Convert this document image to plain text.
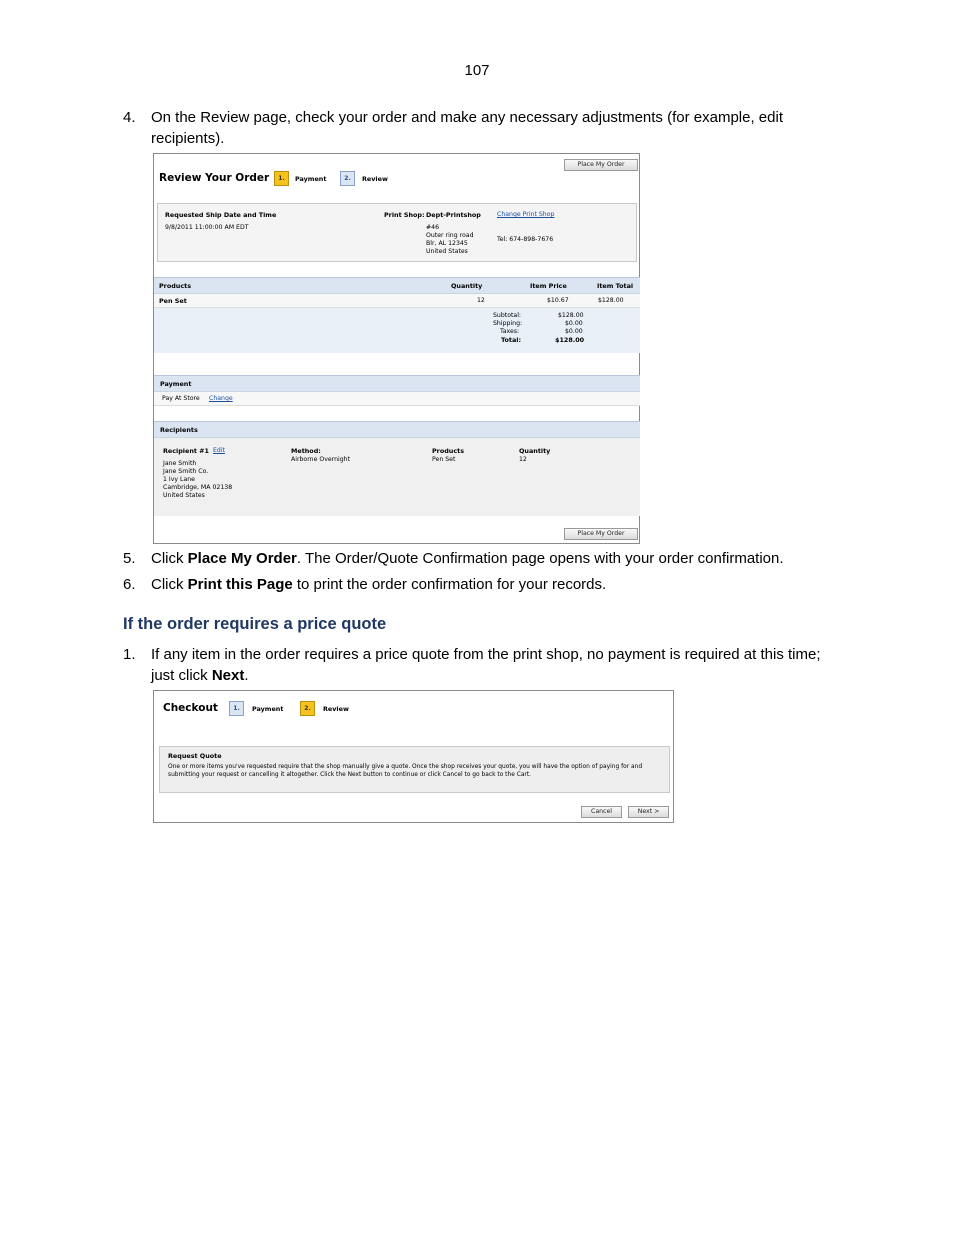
107
4. On the Review page, check your order and make any necessary adjustments (for example, edit recipients).
Place My Order
Review Your Order	1.	Payment	2.	Review
Requested Ship Date and Time
9/8/2011 11:00:00 AM EDT
Print Shop: Dept-Printshop	Change Print Shop
#46
Outer ring road
Blr, AL 12345
United States
Tel: 674-898-7676
Products	Quantity	Item Price	Item Total
Pen Set	12	$10.67	$128.00
Subtotal:	$128.00
Shipping:	$0.00
Taxes:	$0.00
Total:	$128.00
Payment
Pay At Store Change
Recipients
Recipient #1 Edit
Jane Smith
Jane Smith Co.
1 Ivy Lane
Cambridge, MA 02138
United States
Method:
Airborne Overnight
Products
Pen Set
Quantity
12
Place My Order
5. Click Place My Order. The Order/Quote Confirmation page opens with your order confirmation.
6. Click Print this Page to print the order confirmation for your records.
If the order requires a price quote
1. If any item in the order requires a price quote from the print shop, no payment is required at this time; just click Next.
Checkout	1.	Payment	2.	Review
Request Quote
One or more items you've requested require that the shop manually give a quote. Once the shop receives your quote, you will have the option of paying for and
submitting your request or cancelling it altogether. Click the Next button to continue or click Cancel to go back to the Cart.
Cancel	Next >
